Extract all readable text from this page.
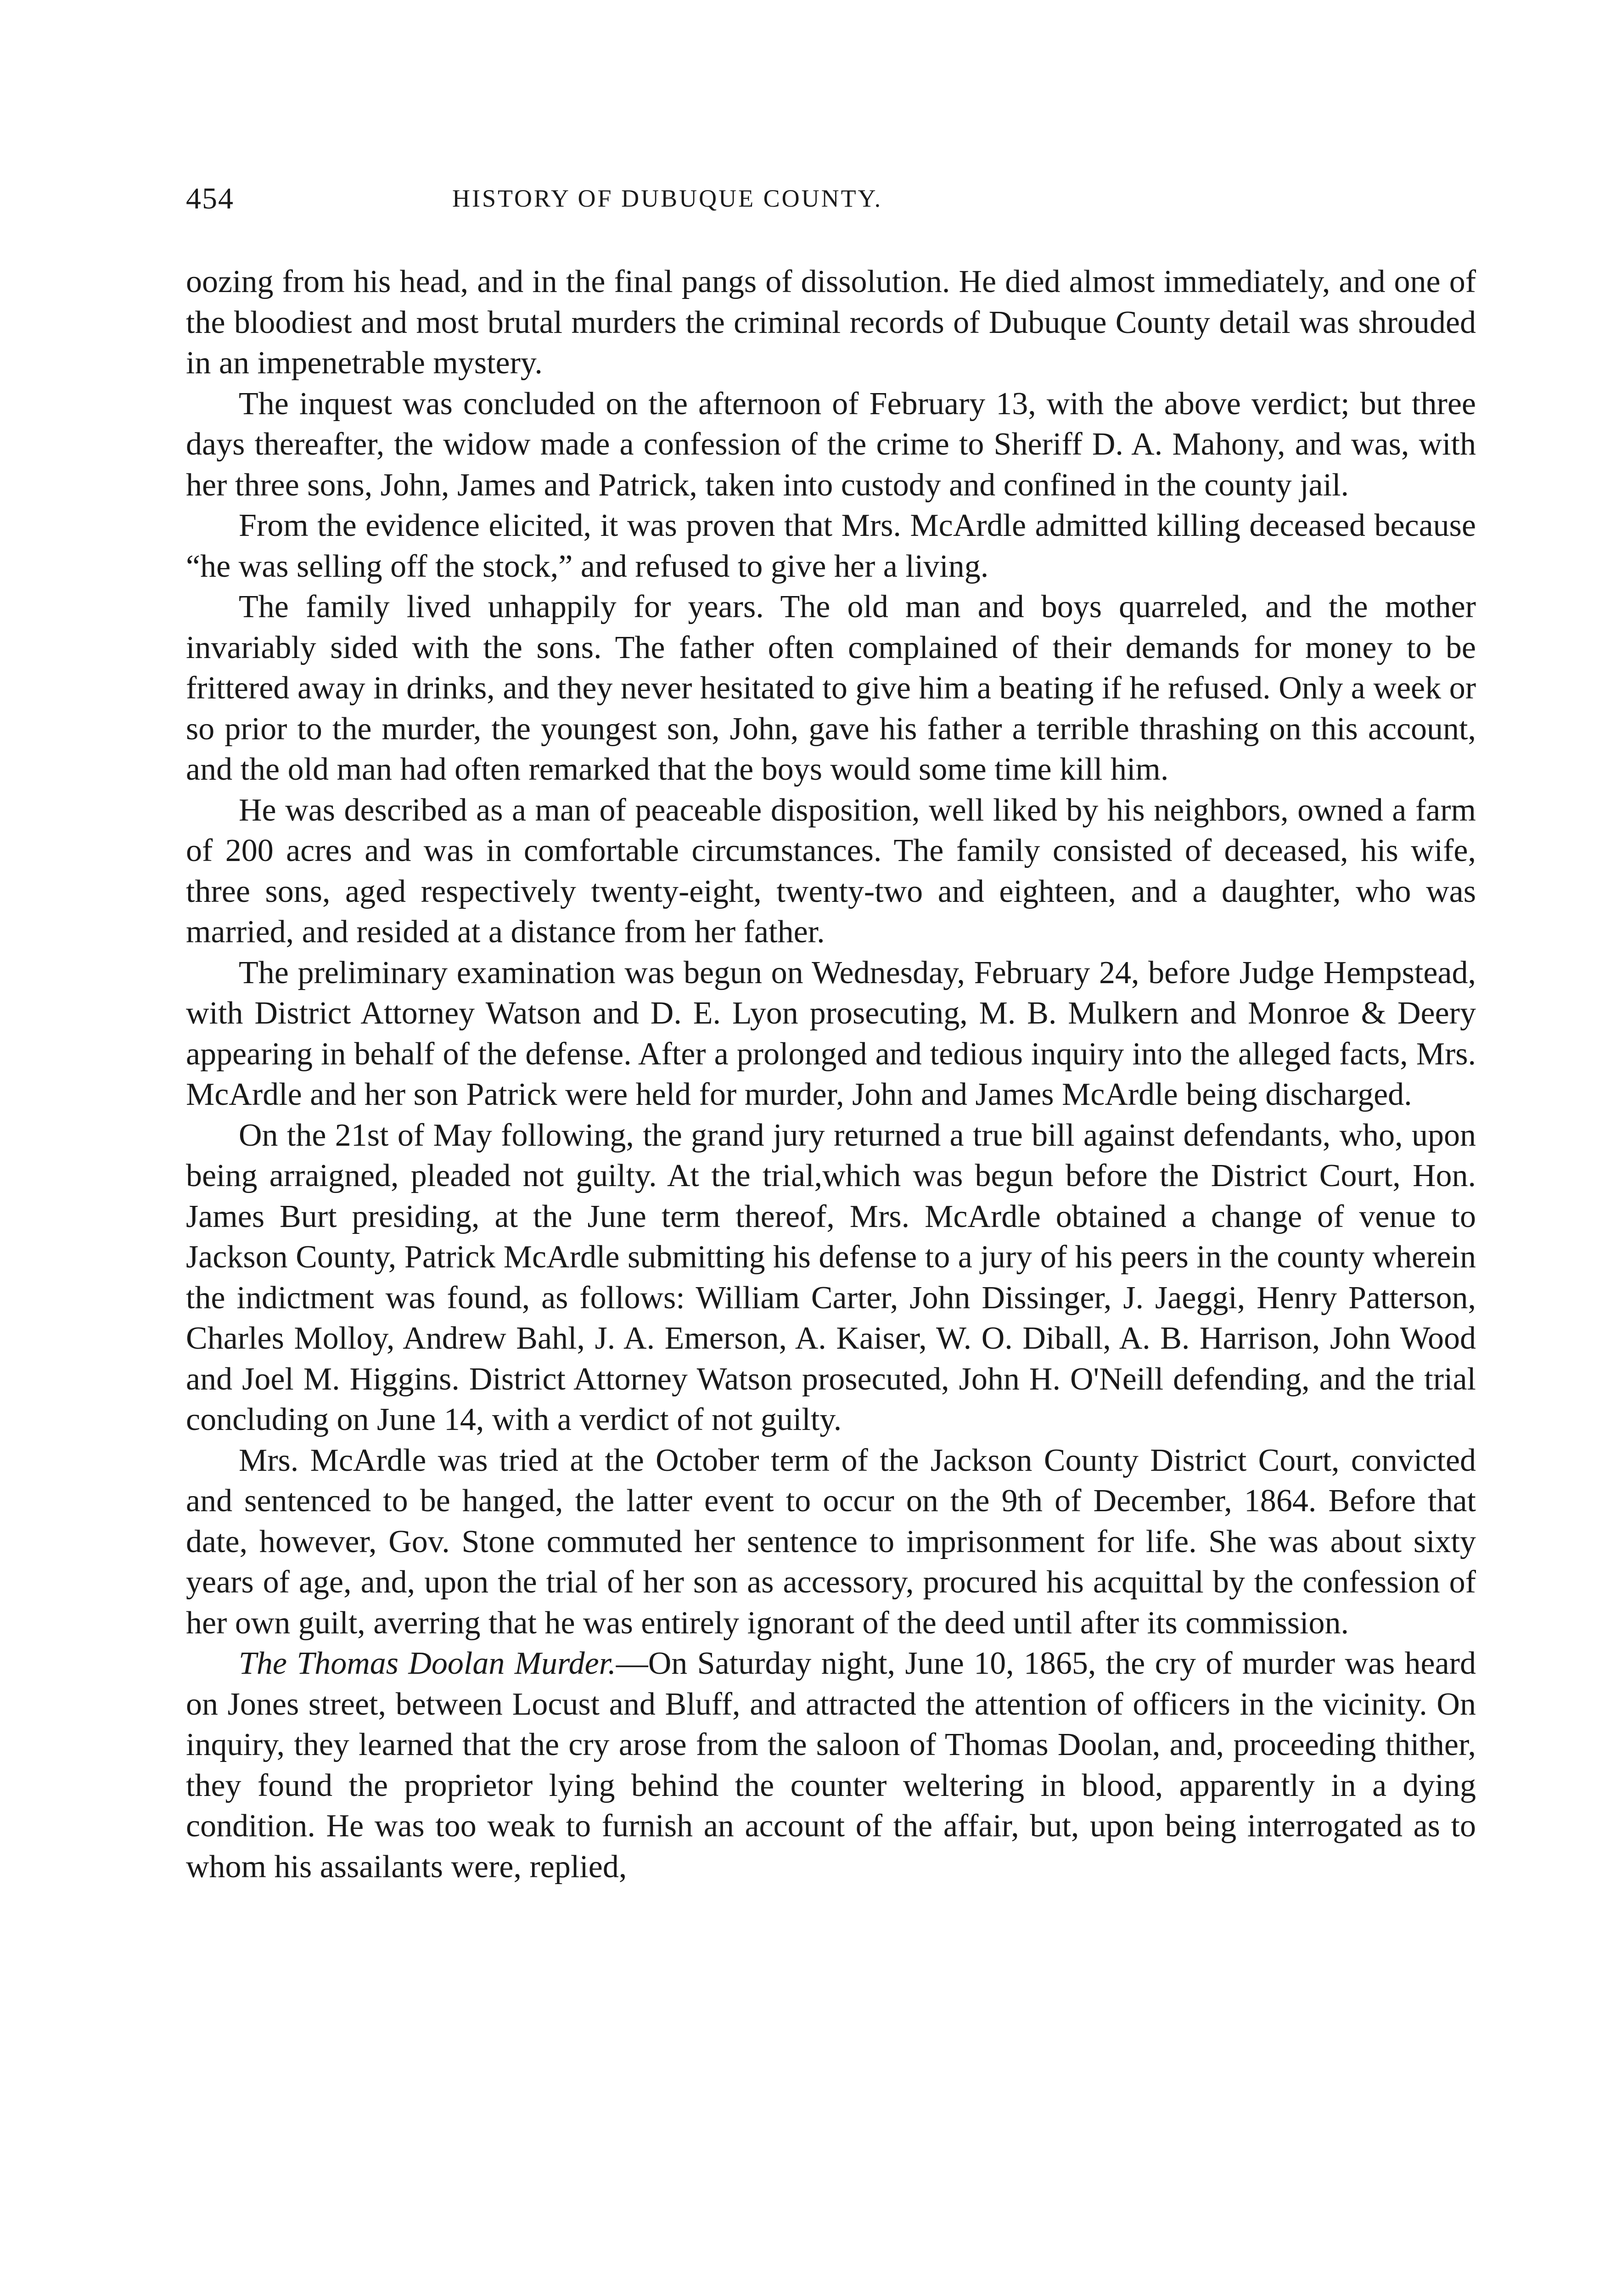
454	HISTORY OF DUBUQUE COUNTY.

oozing from his head, and in the final pangs of dissolution. He died almost immediately, and one of the bloodiest and most brutal murders the criminal records of Dubuque County detail was shrouded in an impenetrable mystery.

The inquest was concluded on the afternoon of February 13, with the above verdict; but three days thereafter, the widow made a confession of the crime to Sheriff D. A. Mahony, and was, with her three sons, John, James and Patrick, taken into custody and confined in the county jail.

From the evidence elicited, it was proven that Mrs. McArdle admitted killing deceased because “he was selling off the stock,” and refused to give her a living.

The family lived unhappily for years. The old man and boys quarreled, and the mother invariably sided with the sons. The father often complained of their demands for money to be frittered away in drinks, and they never hesitated to give him a beating if he refused. Only a week or so prior to the murder, the youngest son, John, gave his father a terrible thrashing on this account, and the old man had often remarked that the boys would some time kill him.

He was described as a man of peaceable disposition, well liked by his neighbors, owned a farm of 200 acres and was in comfortable circumstances. The family consisted of deceased, his wife, three sons, aged respectively twenty-eight, twenty-two and eighteen, and a daughter, who was married, and resided at a distance from her father.

The preliminary examination was begun on Wednesday, February 24, before Judge Hempstead, with District Attorney Watson and D. E. Lyon prosecuting, M. B. Mulkern and Monroe & Deery appearing in behalf of the defense. After a prolonged and tedious inquiry into the alleged facts, Mrs. McArdle and her son Patrick were held for murder, John and James McArdle being discharged.

On the 21st of May following, the grand jury returned a true bill against defendants, who, upon being arraigned, pleaded not guilty. At the trial,which was begun before the District Court, Hon. James Burt presiding, at the June term thereof, Mrs. McArdle obtained a change of venue to Jackson County, Patrick McArdle submitting his defense to a jury of his peers in the county wherein the indictment was found, as follows: William Carter, John Dissinger, J. Jaeggi, Henry Patterson, Charles Molloy, Andrew Bahl, J. A. Emerson, A. Kaiser, W. O. Diball, A. B. Harrison, John Wood and Joel M. Higgins. District Attorney Watson prosecuted, John H. O'Neill defending, and the trial concluding on June 14, with a verdict of not guilty.

Mrs. McArdle was tried at the October term of the Jackson County District Court, convicted and sentenced to be hanged, the latter event to occur on the 9th of December, 1864. Before that date, however, Gov. Stone commuted her sentence to imprisonment for life. She was about sixty years of age, and, upon the trial of her son as accessory, procured his acquittal by the confession of her own guilt, averring that he was entirely ignorant of the deed until after its commission.

The Thomas Doolan Murder.—On Saturday night, June 10, 1865, the cry of murder was heard on Jones street, between Locust and Bluff, and attracted the attention of officers in the vicinity. On inquiry, they learned that the cry arose from the saloon of Thomas Doolan, and, proceeding thither, they found the proprietor lying behind the counter weltering in blood, apparently in a dying condition. He was too weak to furnish an account of the affair, but, upon being interrogated as to whom his assailants were, replied,
